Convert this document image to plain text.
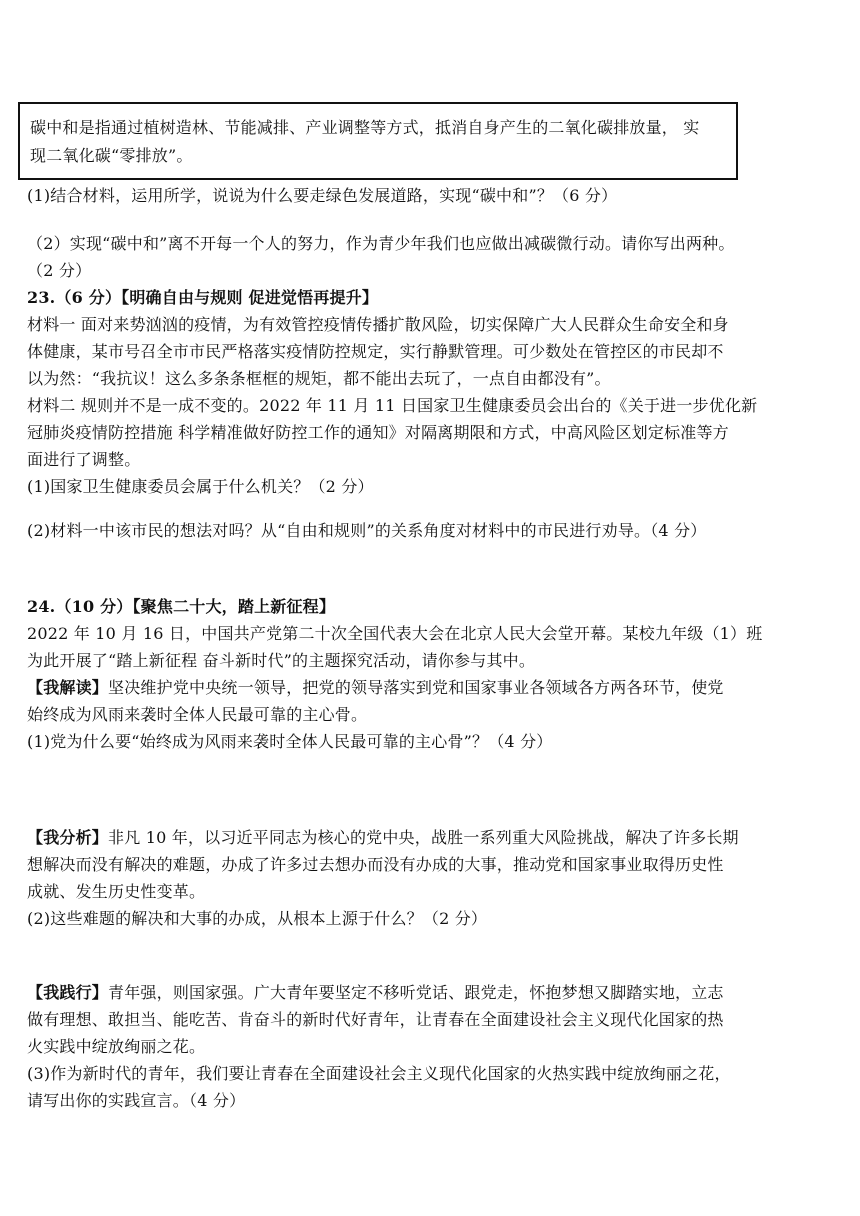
碳中和是指通过植树造林、节能减排、产业调整等方式，抵消自身产生的二氧化碳排放量， 实
现二氧化碳“零排放”。
(1)结合材料，运用所学，说说为什么要走绿色发展道路，实现“碳中和”？（6 分）
（2）实现“碳中和”离不开每一个人的努力，作为青少年我们也应做出减碳微行动。请你写出两种。
（2 分）
23.（6 分）【明确自由与规则 促进觉悟再提升】
材料一 面对来势汹汹的疫情，为有效管控疫情传播扩散风险，切实保障广大人民群众生命安全和身
体健康，某市号召全市市民严格落实疫情防控规定，实行静默管理。可少数处在管控区的市民却不
以为然：“我抗议！这么多条条框框的规矩，都不能出去玩了，一点自由都没有”。
材料二 规则并不是一成不变的。2022 年 11 月 11 日国家卫生健康委员会出台的《关于进一步优化新
冠肺炎疫情防控措施 科学精准做好防控工作的通知》对隔离期限和方式，中高风险区划定标准等方
面进行了调整。
(1)国家卫生健康委员会属于什么机关？（2 分）
(2)材料一中该市民的想法对吗？从“自由和规则”的关系角度对材料中的市民进行劝导。（4 分）
24.（10 分）【聚焦二十大，踏上新征程】
2022 年 10 月 16 日，中国共产党第二十次全国代表大会在北京人民大会堂开幕。某校九年级（1）班
为此开展了“踏上新征程 奋斗新时代”的主题探究活动，请你参与其中。
【我解读】坚决维护党中央统一领导，把党的领导落实到党和国家事业各领域各方两各环节，使党
始终成为风雨来袭时全体人民最可靠的主心骨。
(1)党为什么要“始终成为风雨来袭时全体人民最可靠的主心骨”？（4 分）
【我分析】非凡 10 年，以习近平同志为核心的党中央，战胜一系列重大风险挑战，解决了许多长期
想解决而没有解决的难题，办成了许多过去想办而没有办成的大事，推动党和国家事业取得历史性
成就、发生历史性变革。
(2)这些难题的解决和大事的办成，从根本上源于什么？（2 分）
【我践行】青年强，则国家强。广大青年要坚定不移听党话、跟党走，怀抱梦想又脚踏实地，立志
做有理想、敢担当、能吃苦、肯奋斗的新时代好青年，让青春在全面建设社会主义现代化国家的热
火实践中绽放绚丽之花。
(3)作为新时代的青年，我们要让青春在全面建设社会主义现代化国家的火热实践中绽放绚丽之花，
请写出你的实践宣言。（4 分）
